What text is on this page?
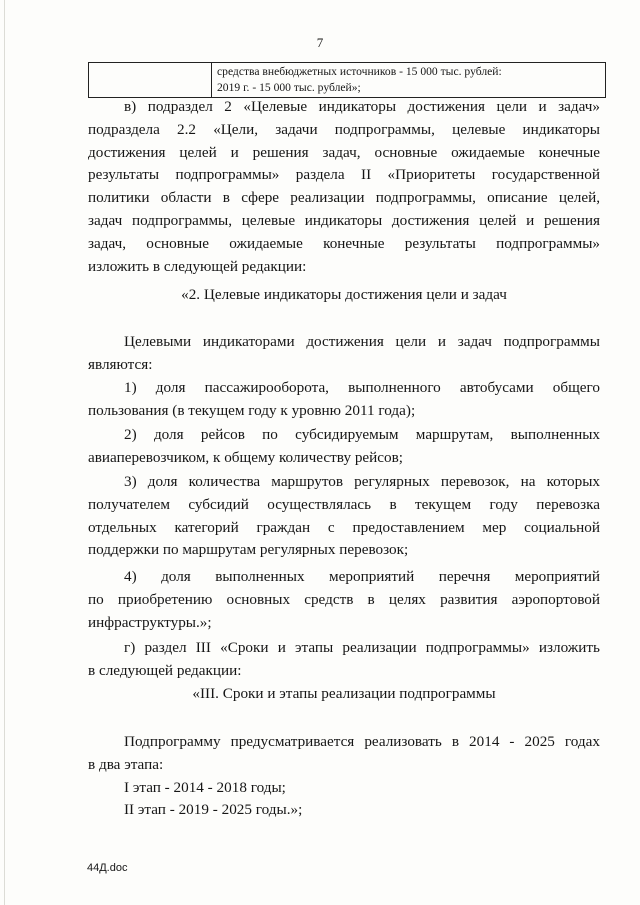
7

средства внебюджетных источников - 15 000 тыс. рублей:
2019 г. - 15 000 тыс. рублей»;
в) подраздел 2 «Целевые индикаторы достижения цели и задач»
подраздела 2.2 «Цели, задачи подпрограммы, целевые индикаторы
достижения целей и решения задач, основные ожидаемые конечные
результаты подпрограммы» раздела II «Приоритеты государственной
политики области в сфере реализации подпрограммы, описание целей,
задач подпрограммы, целевые индикаторы достижения целей и решения
задач, основные ожидаемые конечные результаты подпрограммы»
изложить в следующей редакции:
«2. Целевые индикаторы достижения цели и задач
Целевыми индикаторами достижения цели и задач подпрограммы
являются:
1) доля пассажирооборота, выполненного автобусами общего
пользования (в текущем году к уровню 2011 года);
2) доля рейсов по субсидируемым маршрутам, выполненных
авиаперевозчиком, к общему количеству рейсов;
3) доля количества маршрутов регулярных перевозок, на которых
получателем субсидий осуществлялась в текущем году перевозка
отдельных категорий граждан с предоставлением мер социальной
поддержки по маршрутам регулярных перевозок;
4) доля выполненных мероприятий перечня мероприятий
по приобретению основных средств в целях развития аэропортовой
инфраструктуры.»;
г) раздел III «Сроки и этапы реализации подпрограммы» изложить
в следующей редакции:
«III. Сроки и этапы реализации подпрограммы
Подпрограмму предусматривается реализовать в 2014 - 2025 годах
в два этапа:
I этап - 2014 - 2018 годы;
II этап - 2019 - 2025 годы.»;
44Д.doc
